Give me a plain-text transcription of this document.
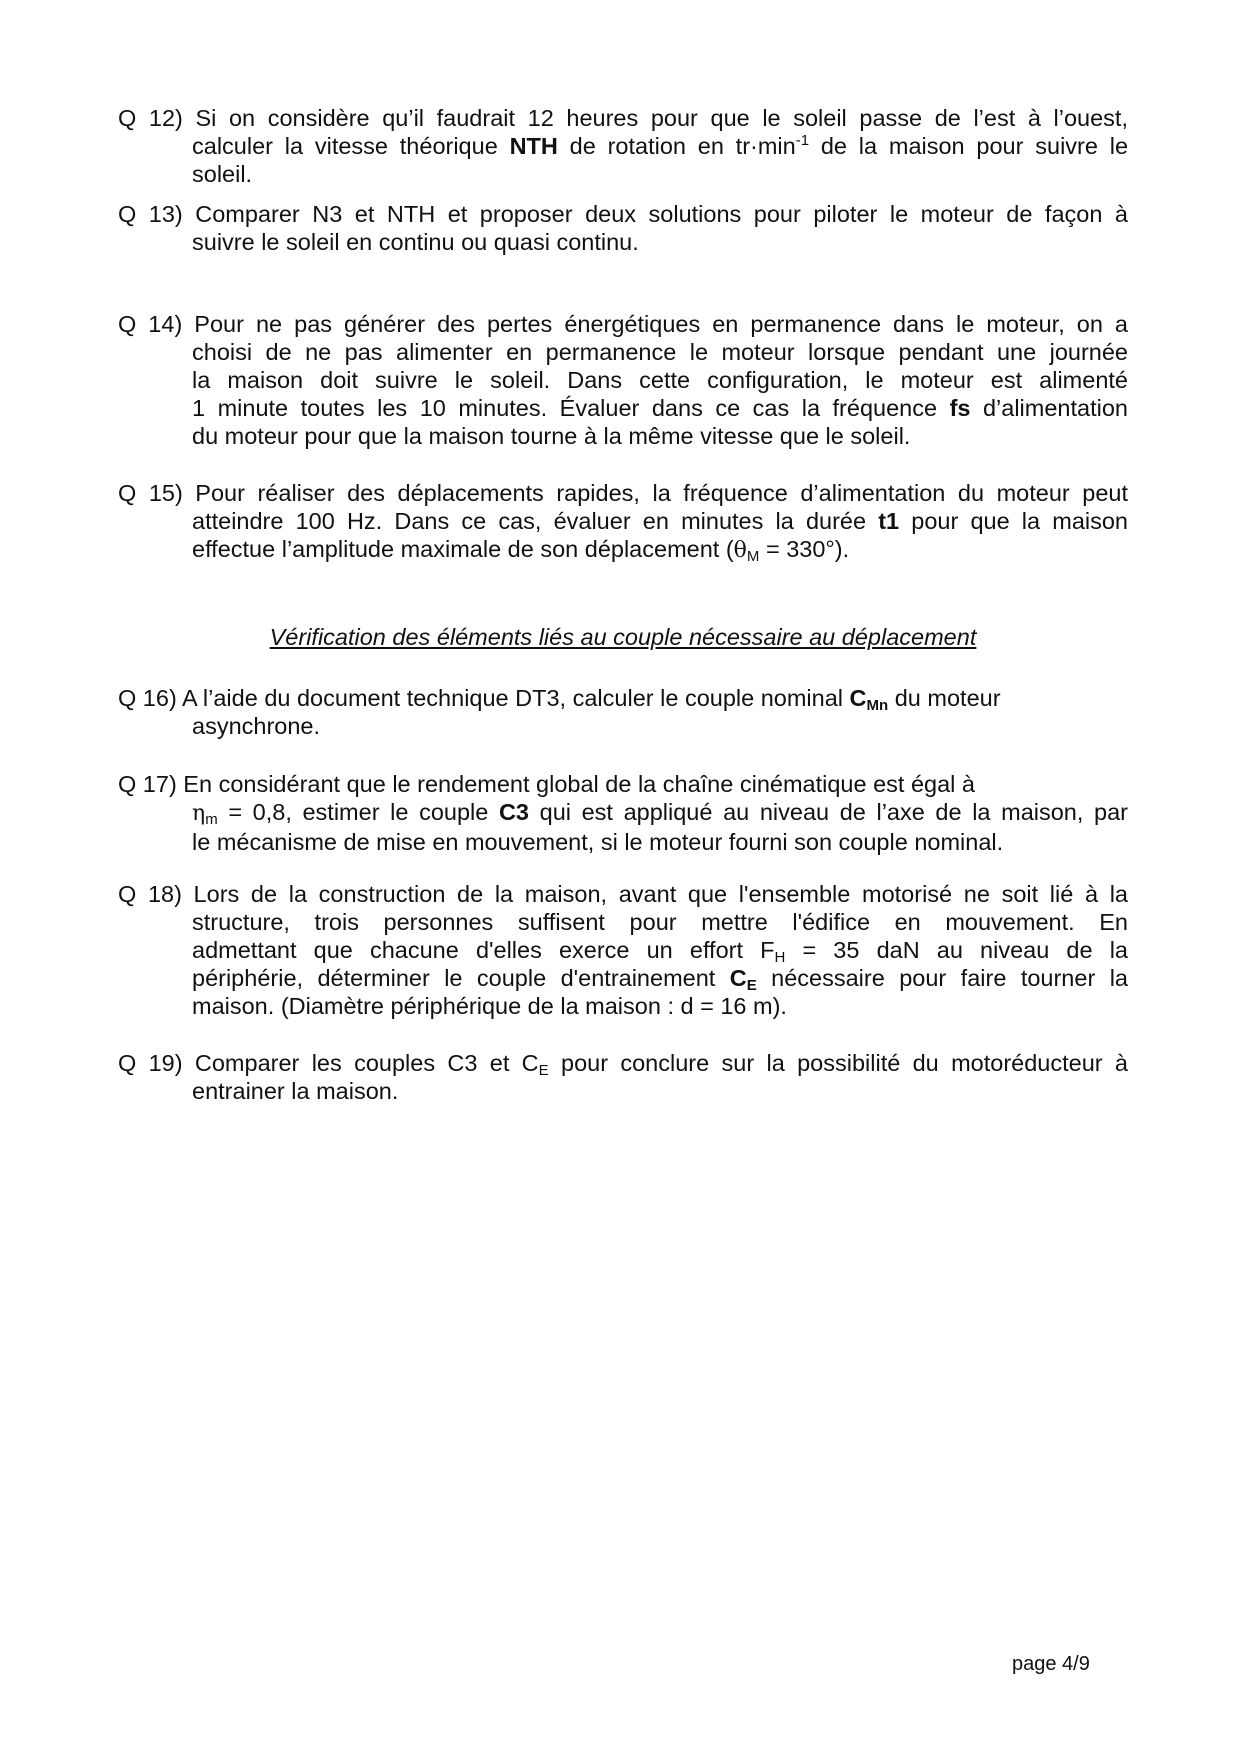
Q 12) Si on considère qu’il faudrait 12 heures pour que le soleil passe de l’est à l’ouest,
calculer la vitesse théorique NTH de rotation en $tr\cdot\min^{-1}$ de la maison pour suivre le
soleil.
Q 13) Comparer N3 et NTH et proposer deux solutions pour piloter le moteur de façon à
suivre le soleil en continu ou quasi continu.
Q 14) Pour ne pas générer des pertes énergétiques en permanence dans le moteur, on a
choisi de ne pas alimenter en permanence le moteur lorsque pendant une journée
la maison doit suivre le soleil. Dans cette configuration, le moteur est alimenté
1 minute toutes les 10 minutes. Évaluer dans ce cas la fréquence fs d’alimentation
du moteur pour que la maison tourne à la même vitesse que le soleil.
Q 15) Pour réaliser des déplacements rapides, la fréquence d’alimentation du moteur peut
atteindre 100 Hz. Dans ce cas, évaluer en minutes la durée t1 pour que la maison
effectue l’amplitude maximale de son déplacement $(\theta_M = 330^\circ)$.
Vérification des éléments liés au couple nécessaire au déplacement
Q 16) A l’aide du document technique DT3, calculer le couple nominal $C_{Mn}$ du moteur
asynchrone.
Q 17) En considérant que le rendement global de la chaîne cinématique est égal à
$\eta_m = 0,8$, estimer le couple C3 qui est appliqué au niveau de l’axe de la maison, par
le mécanisme de mise en mouvement, si le moteur fourni son couple nominal.
Q 18) Lors de la construction de la maison, avant que l'ensemble motorisé ne soit lié à la
structure, trois personnes suffisent pour mettre l'édifice en mouvement. En
admettant que chacune d'elles exerce un effort $F_H = 35$ daN au niveau de la
périphérie, déterminer le couple d'entrainement $C_E$ nécessaire pour faire tourner la
maison. (Diamètre périphérique de la maison : d = 16 m).
Q 19) Comparer les couples C3 et $C_E$ pour conclure sur la possibilité du motoréducteur à
entrainer la maison.
page 4/9
